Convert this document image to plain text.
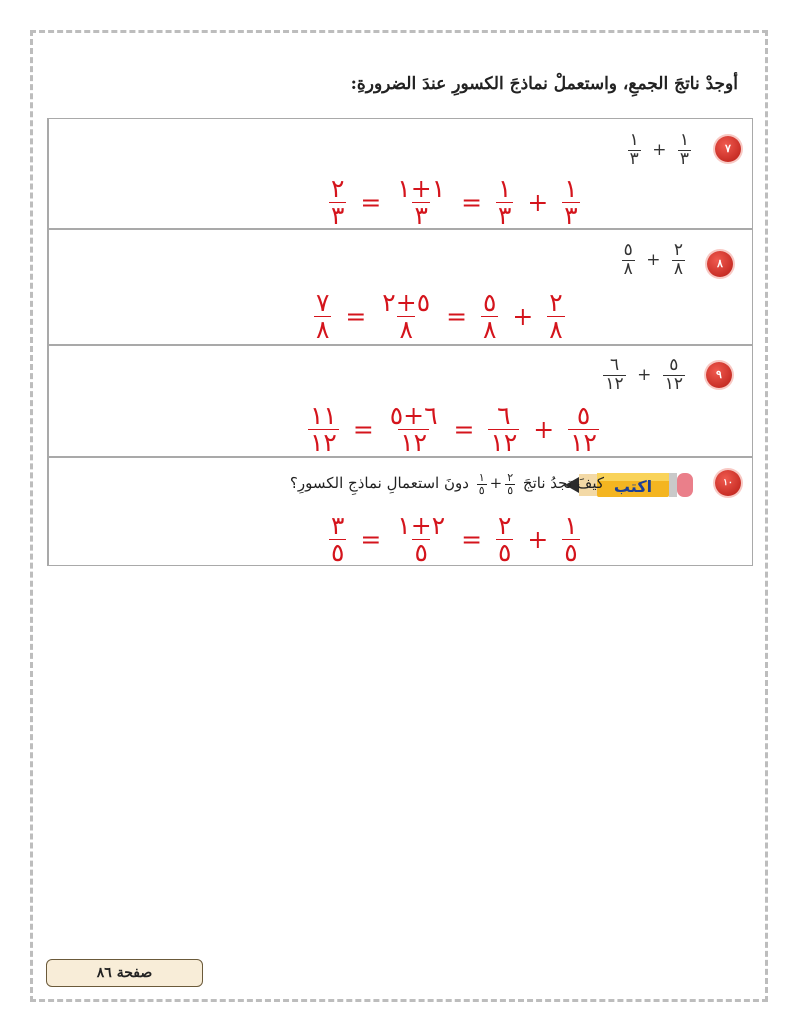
أوجدْ ناتجَ الجمعِ، واستعملْ نماذجَ الكسورِ عندَ الضرورةِ:
٧
$\frac{١}{٣} + \frac{١}{٣}$
$\frac{٢}{٣} = \frac{١+١}{٣} = \frac{١}{٣} + \frac{١}{٣}$
٨
$\frac{٥}{٨} + \frac{٢}{٨}$
$\frac{٧}{٨} = \frac{٥+٢}{٨} = \frac{٥}{٨} + \frac{٢}{٨}$
٩
$\frac{٦}{١٢} + \frac{٥}{١٢}$
$\frac{١١}{١٢} = \frac{٦+٥}{١٢} = \frac{٦}{١٢} + \frac{٥}{١٢}$
١٠
$\frac{٣}{٥} = \frac{٢+١}{٥} = \frac{٢}{٥} + \frac{١}{٥}$
اكتب
كيفَ تجدُ ناتجَ
$\frac{١}{٥} + \frac{٢}{٥}$
دونَ استعمالِ نماذجِ الكسورِ؟
صفحة ٨٦
